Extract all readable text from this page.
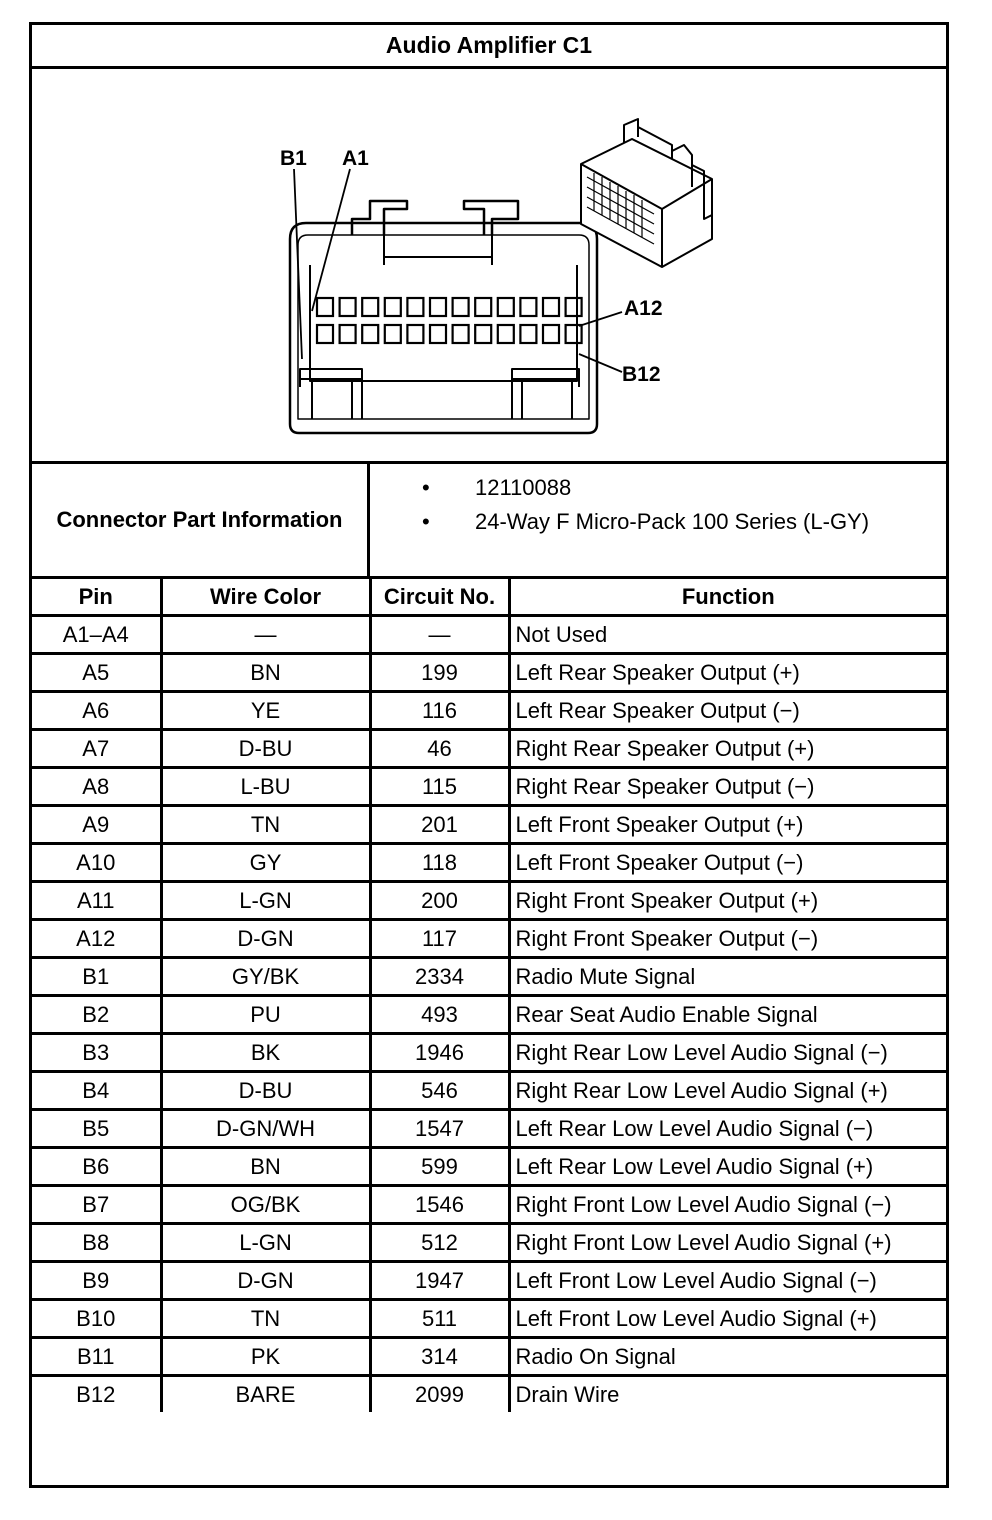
Audio Amplifier C1
B1 A1
A12
B12
Connector Part Information
• 12110088
• 24-Way F Micro-Pack 100 Series (L-GY)
Pin	Wire Color	Circuit No.	Function
A1–A4	—	—	Not Used
A5	BN	199	Left Rear Speaker Output (+)
A6	YE	116	Left Rear Speaker Output (−)
A7	D-BU	46	Right Rear Speaker Output (+)
A8	L-BU	115	Right Rear Speaker Output (−)
A9	TN	201	Left Front Speaker Output (+)
A10	GY	118	Left Front Speaker Output (−)
A11	L-GN	200	Right Front Speaker Output (+)
A12	D-GN	117	Right Front Speaker Output (−)
B1	GY/BK	2334	Radio Mute Signal
B2	PU	493	Rear Seat Audio Enable Signal
B3	BK	1946	Right Rear Low Level Audio Signal (−)
B4	D-BU	546	Right Rear Low Level Audio Signal (+)
B5	D-GN/WH	1547	Left Rear Low Level Audio Signal (−)
B6	BN	599	Left Rear Low Level Audio Signal (+)
B7	OG/BK	1546	Right Front Low Level Audio Signal (−)
B8	L-GN	512	Right Front Low Level Audio Signal (+)
B9	D-GN	1947	Left Front Low Level Audio Signal (−)
B10	TN	511	Left Front Low Level Audio Signal (+)
B11	PK	314	Radio On Signal
B12	BARE	2099	Drain Wire
